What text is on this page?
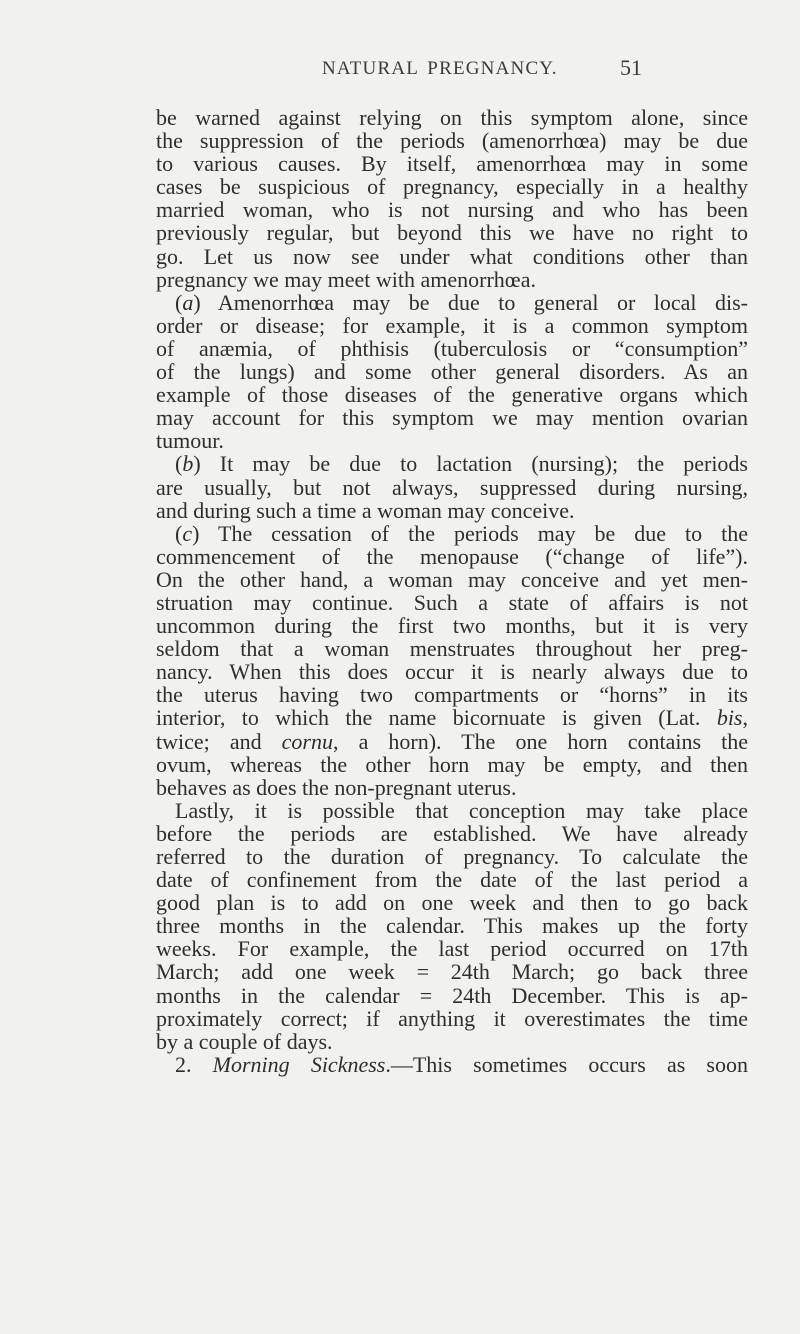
NATURAL PREGNANCY.	51
be warned against relying on this symptom alone, since
the suppression of the periods (amenorrhœa) may be due
to various causes. By itself, amenorrhœa may in some
cases be suspicious of pregnancy, especially in a healthy
married woman, who is not nursing and who has been
previously regular, but beyond this we have no right to
go. Let us now see under what conditions other than
pregnancy we may meet with amenorrhœa.
(a) Amenorrhœa may be due to general or local dis-
order or disease; for example, it is a common symptom
of anæmia, of phthisis (tuberculosis or “consumption”
of the lungs) and some other general disorders. As an
example of those diseases of the generative organs which
may account for this symptom we may mention ovarian
tumour.
(b) It may be due to lactation (nursing); the periods
are usually, but not always, suppressed during nursing,
and during such a time a woman may conceive.
(c) The cessation of the periods may be due to the
commencement of the menopause (“change of life”).
On the other hand, a woman may conceive and yet men-
struation may continue. Such a state of affairs is not
uncommon during the first two months, but it is very
seldom that a woman menstruates throughout her preg-
nancy. When this does occur it is nearly always due to
the uterus having two compartments or “horns” in its
interior, to which the name bicornuate is given (Lat. bis,
twice; and cornu, a horn). The one horn contains the
ovum, whereas the other horn may be empty, and then
behaves as does the non-pregnant uterus.
Lastly, it is possible that conception may take place
before the periods are established. We have already
referred to the duration of pregnancy. To calculate the
date of confinement from the date of the last period a
good plan is to add on one week and then to go back
three months in the calendar. This makes up the forty
weeks. For example, the last period occurred on 17th
March; add one week = 24th March; go back three
months in the calendar = 24th December. This is ap-
proximately correct; if anything it overestimates the time
by a couple of days.
2. Morning Sickness.—This sometimes occurs as soon
